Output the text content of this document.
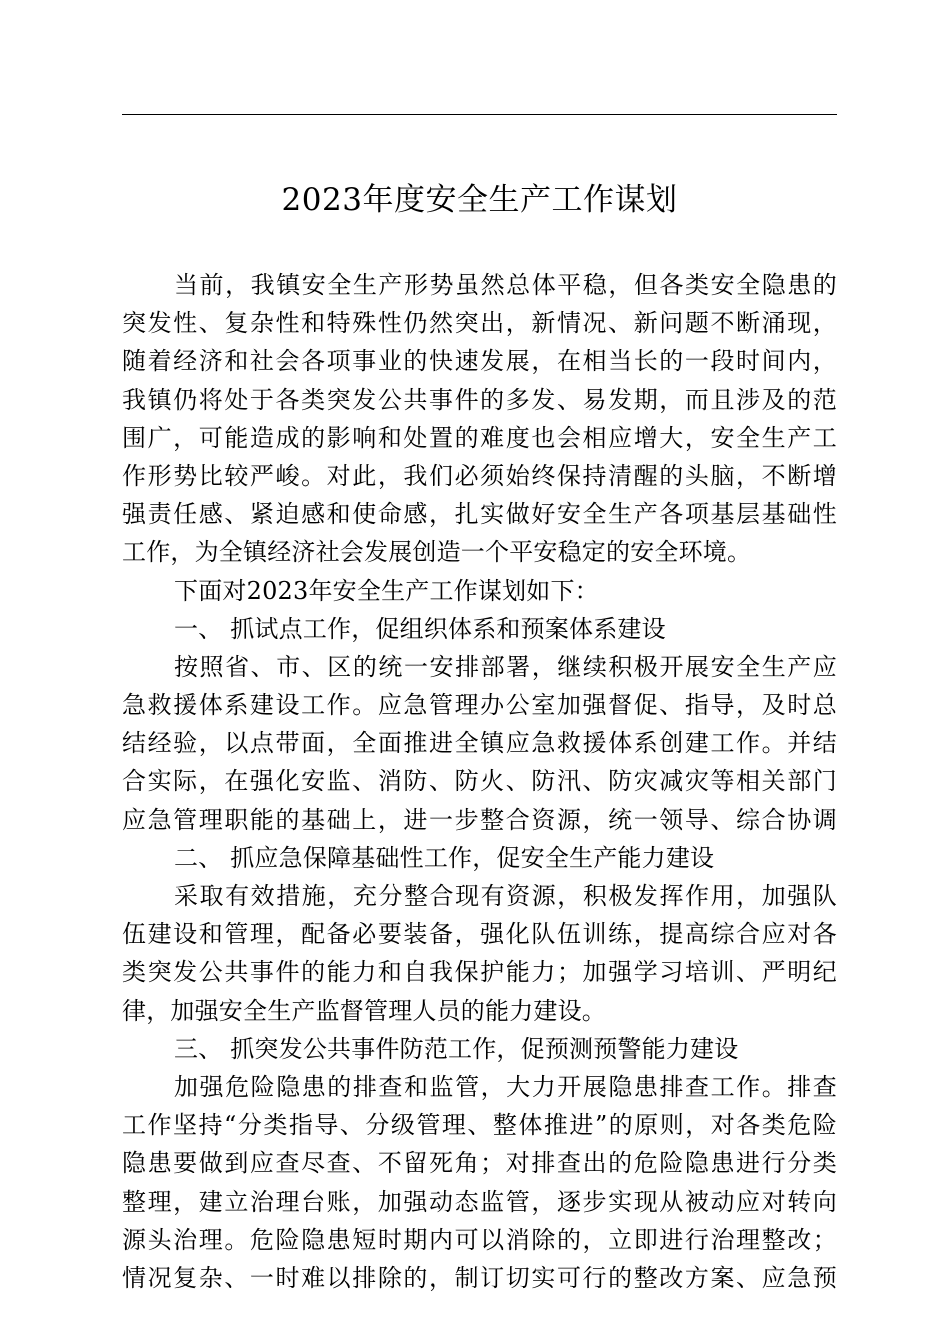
2023年度安全生产工作谋划
当前，我镇安全生产形势虽然总体平稳，但各类安全隐患的
突发性、复杂性和特殊性仍然突出，新情况、新问题不断涌现，
随着经济和社会各项事业的快速发展，在相当长的一段时间内，
我镇仍将处于各类突发公共事件的多发、易发期，而且涉及的范
围广，可能造成的影响和处置的难度也会相应增大，安全生产工
作形势比较严峻。对此，我们必须始终保持清醒的头脑，不断增
强责任感、紧迫感和使命感，扎实做好安全生产各项基层基础性
工作，为全镇经济社会发展创造一个平安稳定的安全环境。
下面对2023年安全生产工作谋划如下：
一、 抓试点工作，促组织体系和预案体系建设
按照省、市、区的统一安排部署，继续积极开展安全生产应
急救援体系建设工作。应急管理办公室加强督促、指导，及时总
结经验，以点带面，全面推进全镇应急救援体系创建工作。并结
合实际，在强化安监、消防、防火、防汛、防灾减灾等相关部门
应急管理职能的基础上，进一步整合资源，统一领导、综合协调
二、 抓应急保障基础性工作，促安全生产能力建设
采取有效措施，充分整合现有资源，积极发挥作用，加强队
伍建设和管理，配备必要装备，强化队伍训练，提高综合应对各
类突发公共事件的能力和自我保护能力；加强学习培训、严明纪
律，加强安全生产监督管理人员的能力建设。
三、 抓突发公共事件防范工作，促预测预警能力建设
加强危险隐患的排查和监管，大力开展隐患排查工作。排查
工作坚持“分类指导、分级管理、整体推进”的原则，对各类危险
隐患要做到应查尽查、不留死角；对排查出的危险隐患进行分类
整理，建立治理台账，加强动态监管，逐步实现从被动应对转向
源头治理。危险隐患短时期内可以消除的，立即进行治理整改；
情况复杂、一时难以排除的，制订切实可行的整改方案、应急预
